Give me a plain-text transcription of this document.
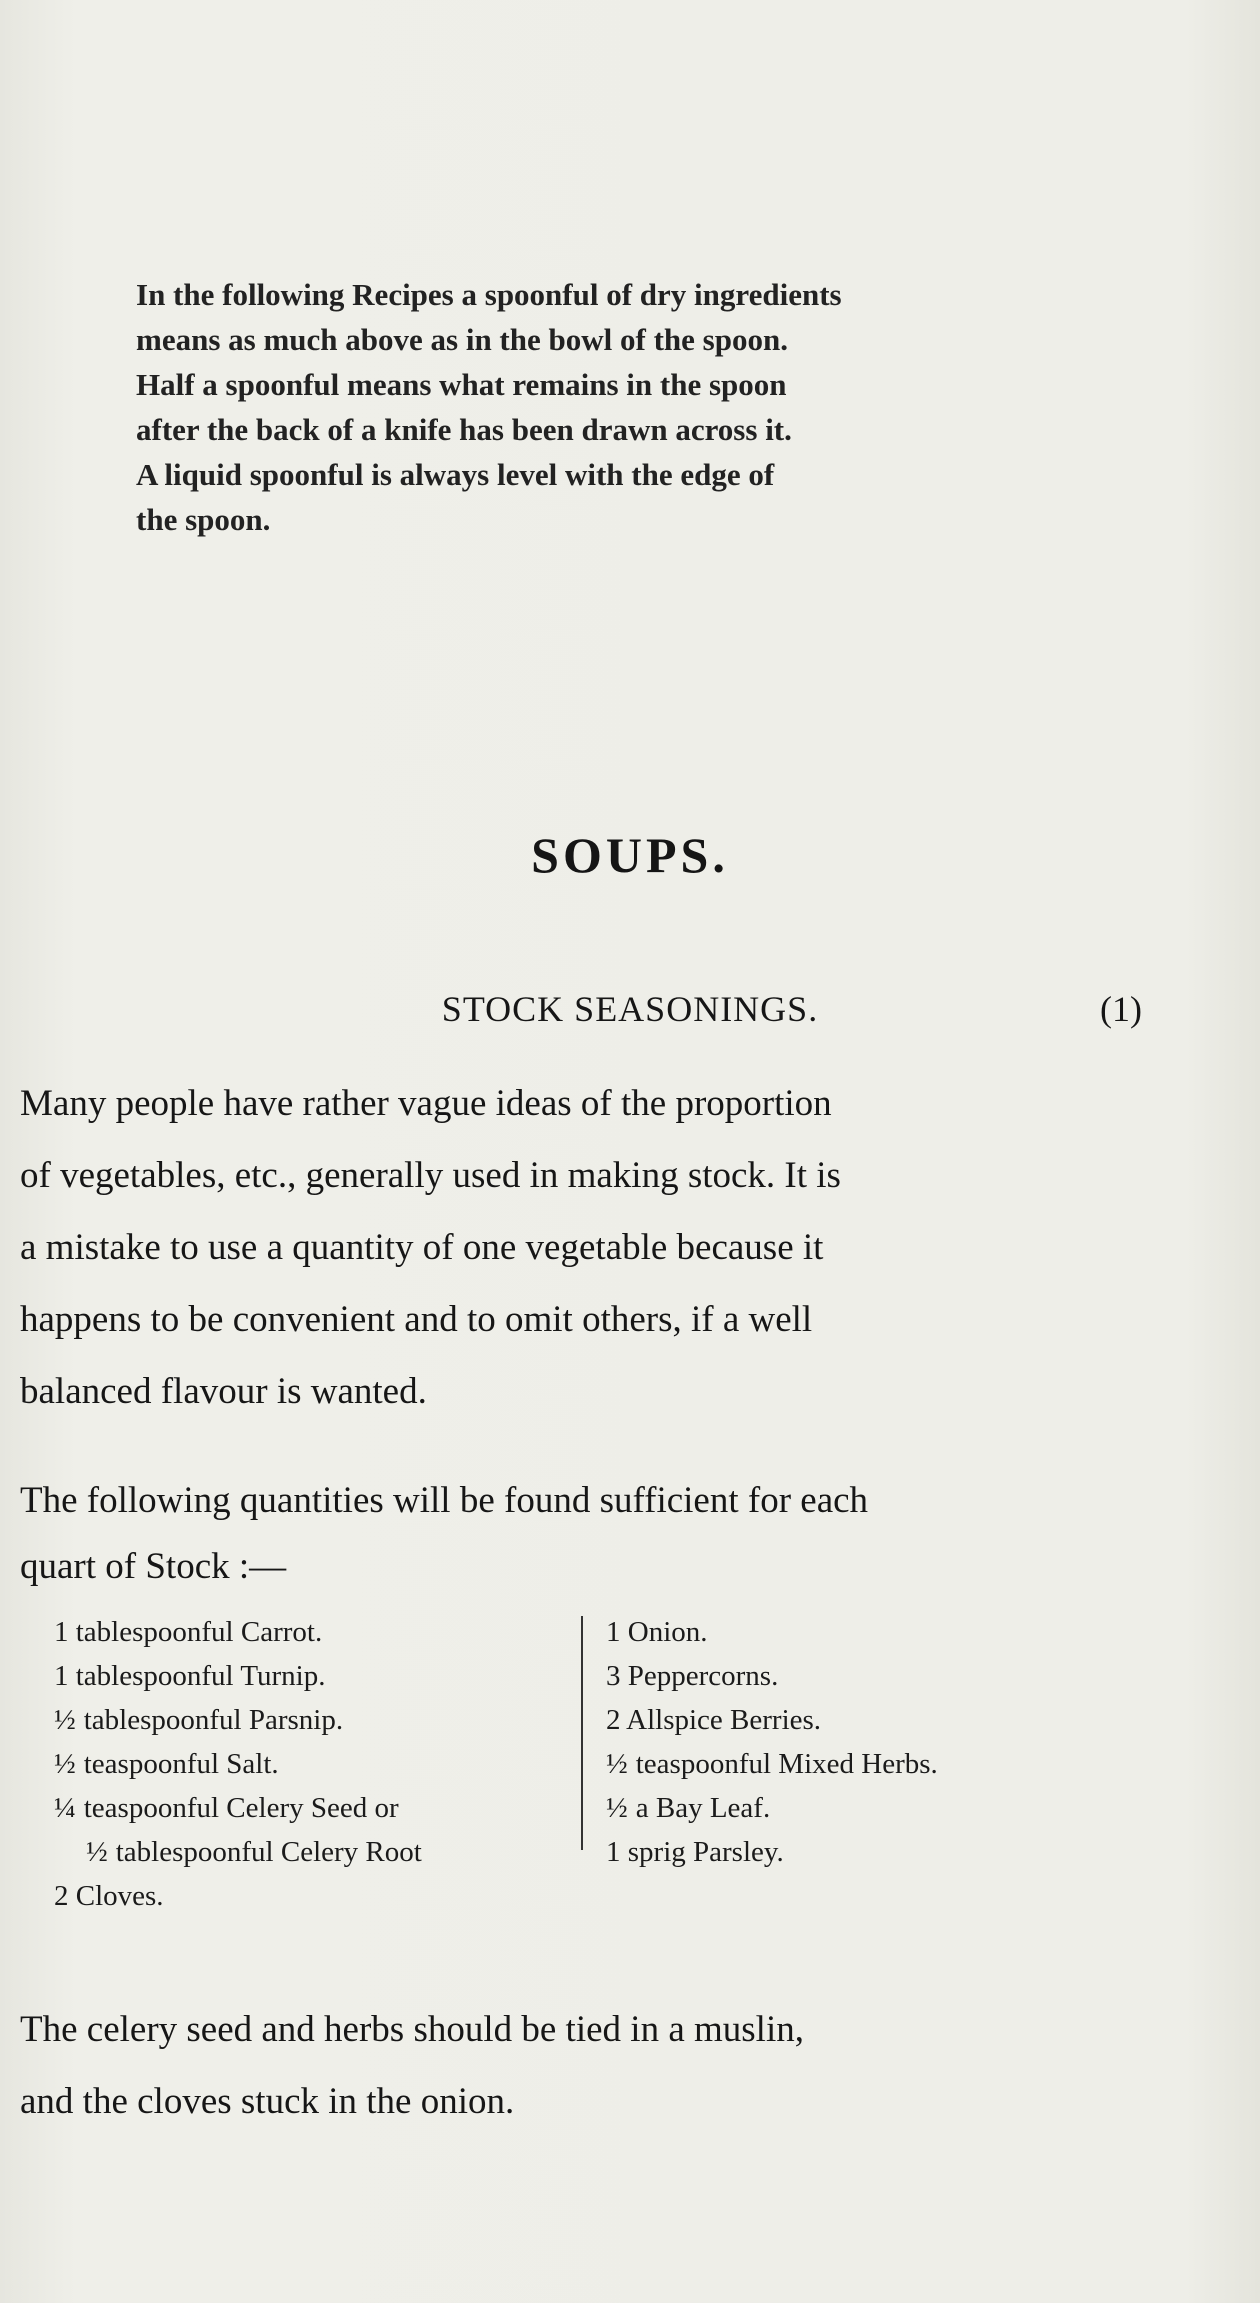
In the following Recipes a spoonful of dry ingredients
means as much above as in the bowl of the spoon.
Half a spoonful means what remains in the spoon
after the back of a knife has been drawn across it.
A liquid spoonful is always level with the edge of
the spoon.
SOUPS.
STOCK SEASONINGS.	(1)
Many people have rather vague ideas of the proportion
of vegetables, etc., generally used in making stock. It is
a mistake to use a quantity of one vegetable because it
happens to be convenient and to omit others, if a well
balanced flavour is wanted.
The following quantities will be found sufficient for each
quart of Stock :—
1 tablespoonful Carrot.
1 tablespoonful Turnip.
½ tablespoonful Parsnip.
½ teaspoonful Salt.
¼ teaspoonful Celery Seed or
½ tablespoonful Celery Root
2 Cloves.
1 Onion.
3 Peppercorns.
2 Allspice Berries.
½ teaspoonful Mixed Herbs.
½ a Bay Leaf.
1 sprig Parsley.
The celery seed and herbs should be tied in a muslin,
and the cloves stuck in the onion.
